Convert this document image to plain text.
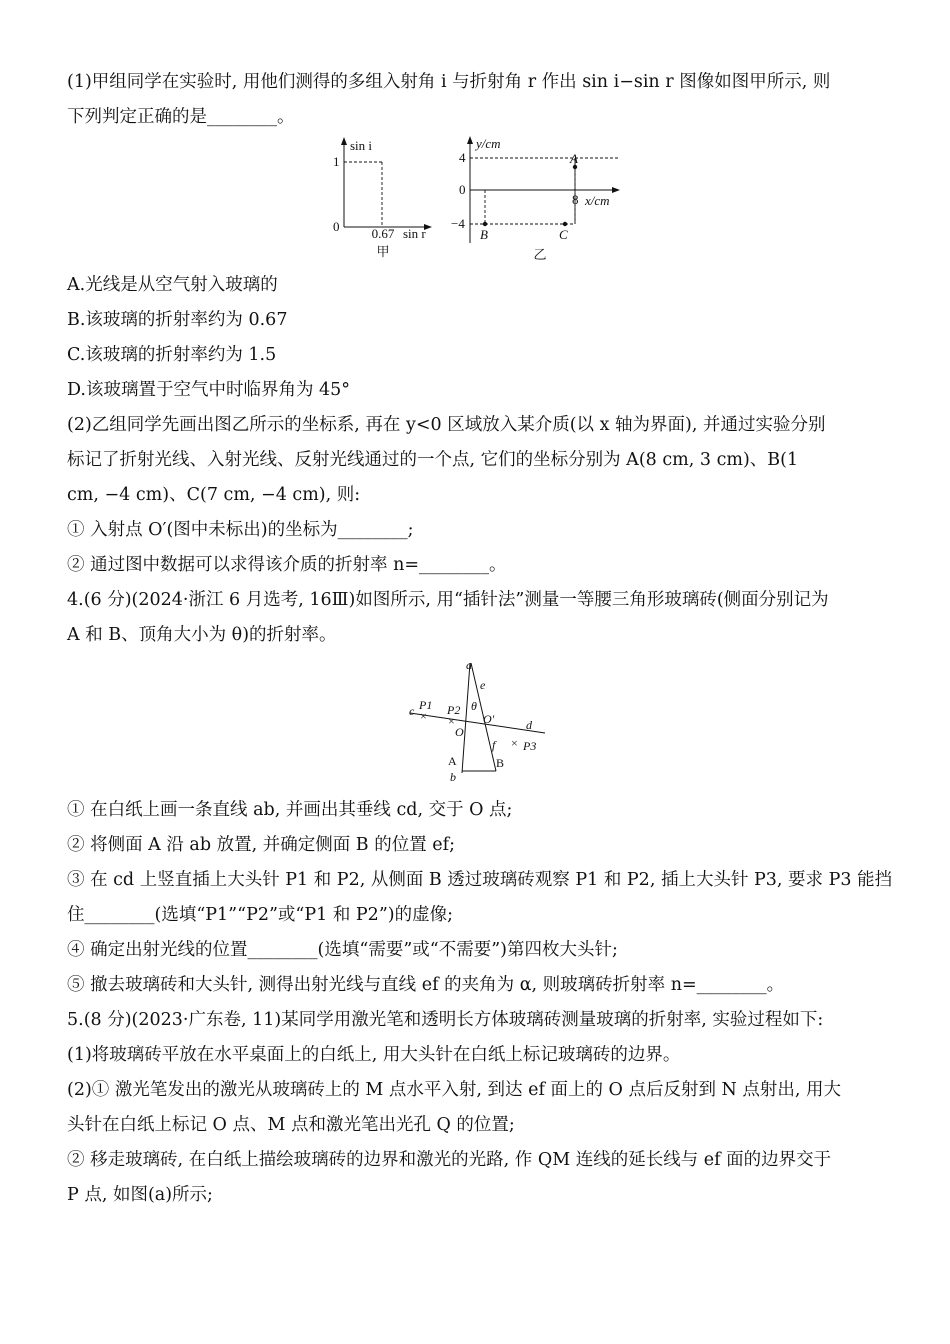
(1)甲组同学在实验时, 用他们测得的多组入射角 i 与折射角 r 作出 sin i−sin r 图像如图甲所示, 则
下列判定正确的是________。
sin i
1
0 0.67 sin r
甲
y/cm
4
0
−4
8 x/cm
A
B	C
乙
A.光线是从空气射入玻璃的
B.该玻璃的折射率约为 0.67
C.该玻璃的折射率约为 1.5
D.该玻璃置于空气中时临界角为 45°
(2)乙组同学先画出图乙所示的坐标系, 再在 y<0 区域放入某介质(以 x 轴为界面), 并通过实验分别
标记了折射光线、入射光线、反射光线通过的一个点, 它们的坐标分别为 A(8 cm, 3 cm)、B(1
cm, −4 cm)、C(7 cm, −4 cm), 则:
① 入射点 O′(图中未标出)的坐标为________;
② 通过图中数据可以求得该介质的折射率 n=________。
4.(6 分)(2024·浙江 6 月选考, 16Ⅲ)如图所示, 用“插针法”测量一等腰三角形玻璃砖(侧面分别记为
A 和 B、顶角大小为 θ)的折射率。
× ×
×
a
e
θ
c P1 P2
O
O′	d
f P3
A	B
b
① 在白纸上画一条直线 ab, 并画出其垂线 cd, 交于 O 点;
② 将侧面 A 沿 ab 放置, 并确定侧面 B 的位置 ef;
③ 在 cd 上竖直插上大头针 P1 和 P2, 从侧面 B 透过玻璃砖观察 P1 和 P2, 插上大头针 P3, 要求 P3 能挡
住________(选填“P1”“P2”或“P1 和 P2”)的虚像;
④ 确定出射光线的位置________(选填“需要”或“不需要”)第四枚大头针;
⑤ 撤去玻璃砖和大头针, 测得出射光线与直线 ef 的夹角为 α, 则玻璃砖折射率 n=________。
5.(8 分)(2023·广东卷, 11)某同学用激光笔和透明长方体玻璃砖测量玻璃的折射率, 实验过程如下:
(1)将玻璃砖平放在水平桌面上的白纸上, 用大头针在白纸上标记玻璃砖的边界。
(2)① 激光笔发出的激光从玻璃砖上的 M 点水平入射, 到达 ef 面上的 O 点后反射到 N 点射出, 用大
头针在白纸上标记 O 点、M 点和激光笔出光孔 Q 的位置;
② 移走玻璃砖, 在白纸上描绘玻璃砖的边界和激光的光路, 作 QM 连线的延长线与 ef 面的边界交于
P 点, 如图(a)所示;
